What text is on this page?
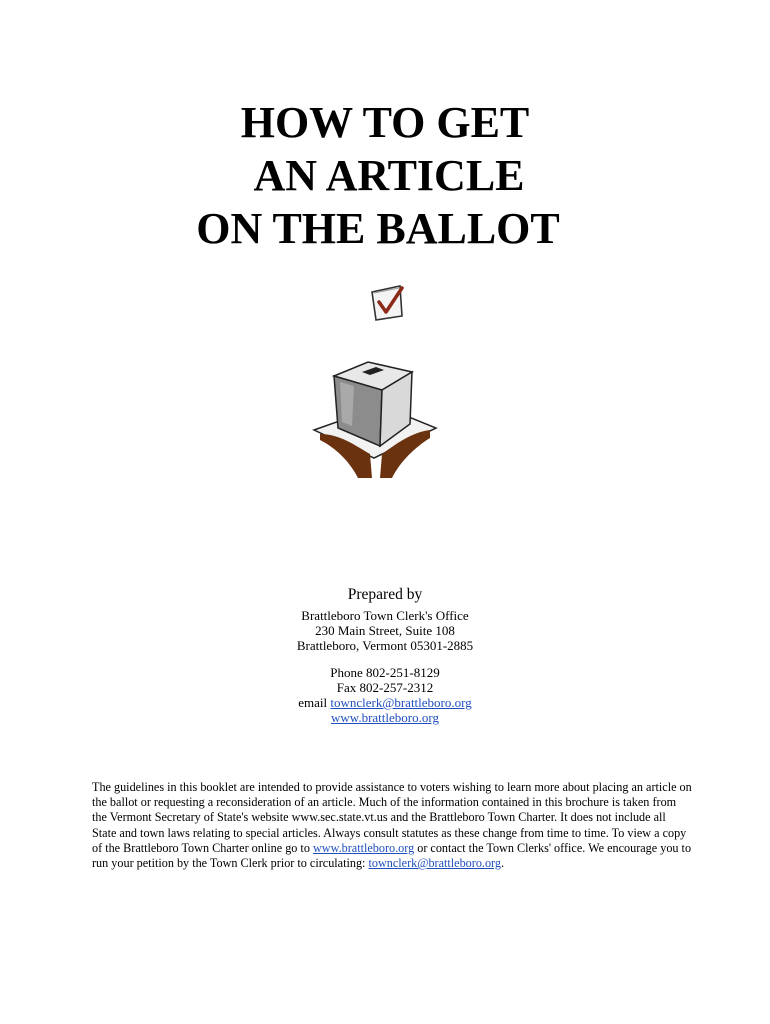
HOW TO GET
AN ARTICLE
ON THE BALLOT
Prepared by
Brattleboro Town Clerk's Office
230 Main Street, Suite 108
Brattleboro, Vermont 05301-2885
Phone 802-251-8129
Fax 802-257-2312
email townclerk@brattleboro.org
www.brattleboro.org

The guidelines in this booklet are intended to provide assistance to voters wishing to learn more about placing an article on the ballot or requesting a reconsideration of an article. Much of the information contained in this brochure is taken from the Vermont Secretary of State's website www.sec.state.vt.us and the Brattleboro Town Charter. It does not include all State and town laws relating to special articles. Always consult statutes as these change from time to time. To view a copy of the Brattleboro Town Charter online go to www.brattleboro.org or contact the Town Clerks' office. We encourage you to run your petition by the Town Clerk prior to circulating: townclerk@brattleboro.org.
